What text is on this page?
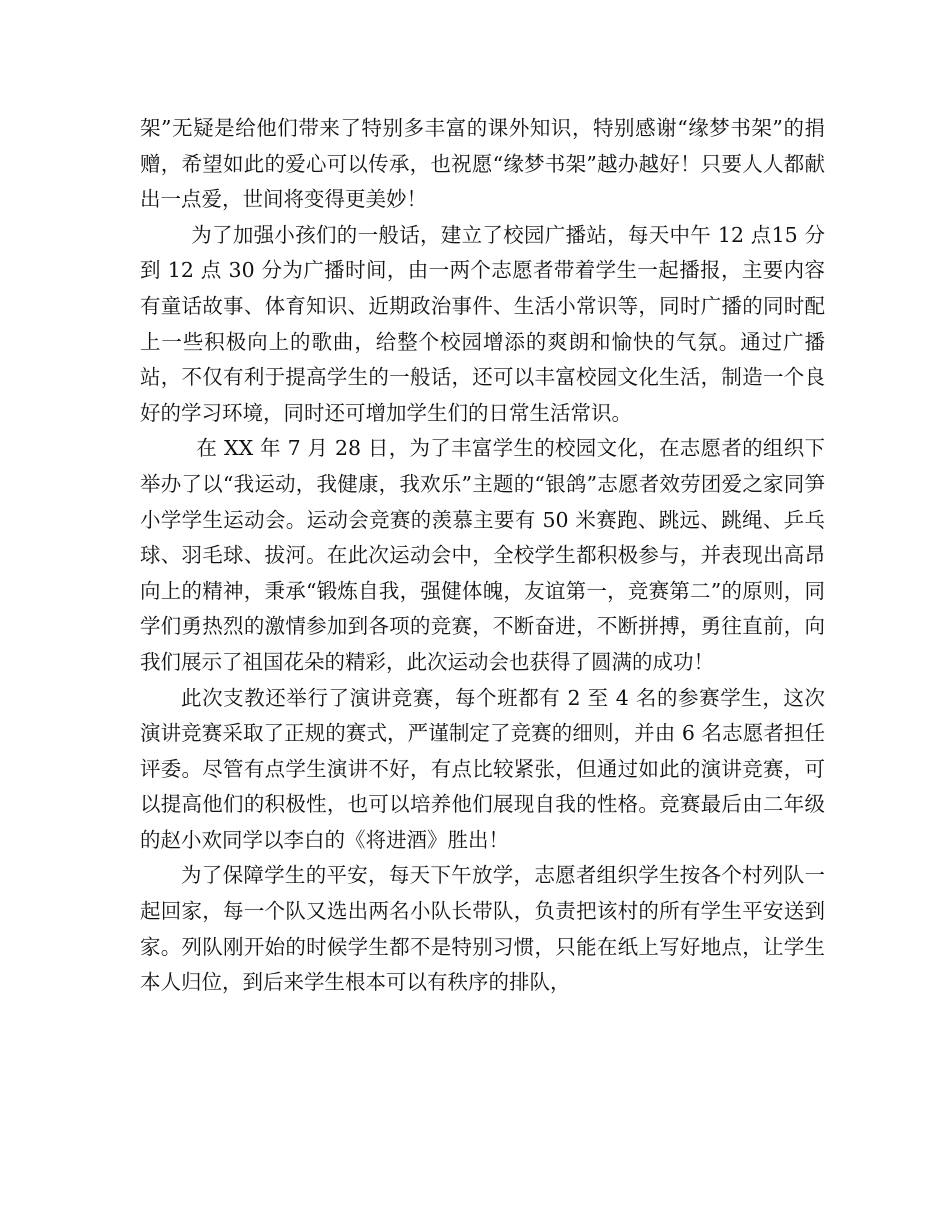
架”无疑是给他们带来了特别多丰富的课外知识，特别感谢“缘梦书架”的捐赠，希望如此的爱心可以传承，也祝愿“缘梦书架”越办越好！只要人人都献出一点爱，世间将变得更美妙！

为了加强小孩们的一般话，建立了校园广播站，每天中午 12 点15 分到 12 点 30 分为广播时间，由一两个志愿者带着学生一起播报，主要内容有童话故事、体育知识、近期政治事件、生活小常识等，同时广播的同时配上一些积极向上的歌曲，给整个校园增添的爽朗和愉快的气氛。通过广播站，不仅有利于提高学生的一般话，还可以丰富校园文化生活，制造一个良好的学习环境，同时还可增加学生们的日常生活常识。

在 XX 年 7 月 28 日，为了丰富学生的校园文化，在志愿者的组织下举办了以“我运动，我健康，我欢乐”主题的“银鸽”志愿者效劳团爱之家同笋小学学生运动会。运动会竞赛的羡慕主要有 50 米赛跑、跳远、跳绳、乒乓球、羽毛球、拔河。在此次运动会中，全校学生都积极参与，并表现出高昂向上的精神，秉承“锻炼自我，强健体魄，友谊第一，竞赛第二”的原则，同学们勇热烈的激情参加到各项的竞赛，不断奋进，不断拼搏，勇往直前，向我们展示了祖国花朵的精彩，此次运动会也获得了圆满的成功！

此次支教还举行了演讲竞赛，每个班都有 2 至 4 名的参赛学生，这次演讲竞赛采取了正规的赛式，严谨制定了竞赛的细则，并由 6 名志愿者担任评委。尽管有点学生演讲不好，有点比较紧张，但通过如此的演讲竞赛，可以提高他们的积极性，也可以培养他们展现自我的性格。竞赛最后由二年级的赵小欢同学以李白的《将进酒》胜出！

为了保障学生的平安，每天下午放学，志愿者组织学生按各个村列队一起回家，每一个队又选出两名小队长带队，负责把该村的所有学生平安送到家。列队刚开始的时候学生都不是特别习惯，只能在纸上写好地点，让学生本人归位，到后来学生根本可以有秩序的排队，
